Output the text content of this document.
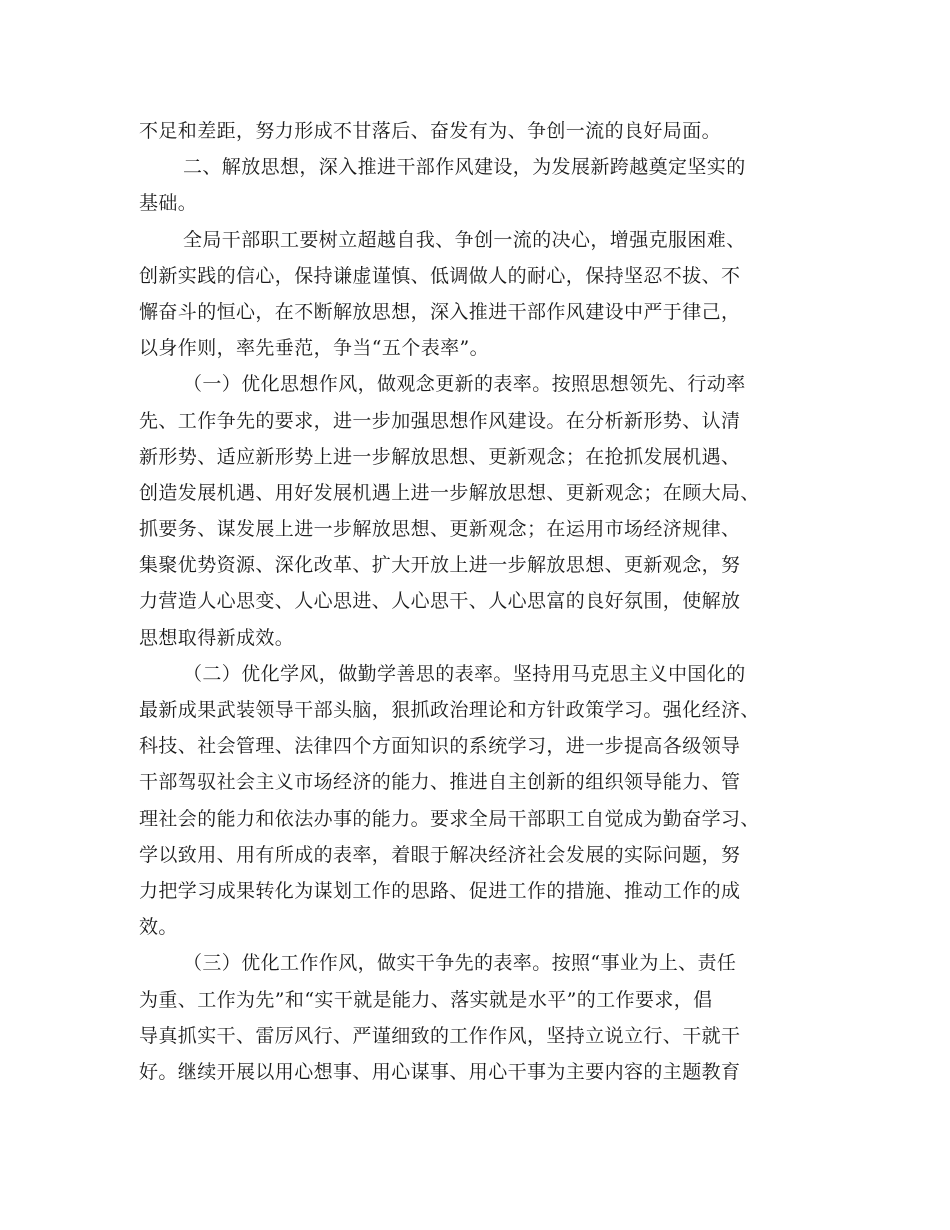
不足和差距，努力形成不甘落后、奋发有为、争创一流的良好局面。
二、解放思想，深入推进干部作风建设，为发展新跨越奠定坚实的
基础。
全局干部职工要树立超越自我、争创一流的决心，增强克服困难、
创新实践的信心，保持谦虚谨慎、低调做人的耐心，保持坚忍不拔、不
懈奋斗的恒心，在不断解放思想，深入推进干部作风建设中严于律己，
以身作则，率先垂范，争当“五个表率”。
（一）优化思想作风，做观念更新的表率。按照思想领先、行动率
先、工作争先的要求，进一步加强思想作风建设。在分析新形势、认清
新形势、适应新形势上进一步解放思想、更新观念；在抢抓发展机遇、
创造发展机遇、用好发展机遇上进一步解放思想、更新观念；在顾大局、
抓要务、谋发展上进一步解放思想、更新观念；在运用市场经济规律、
集聚优势资源、深化改革、扩大开放上进一步解放思想、更新观念，努
力营造人心思变、人心思进、人心思干、人心思富的良好氛围，使解放
思想取得新成效。
（二）优化学风，做勤学善思的表率。坚持用马克思主义中国化的
最新成果武装领导干部头脑，狠抓政治理论和方针政策学习。强化经济、
科技、社会管理、法律四个方面知识的系统学习，进一步提高各级领导
干部驾驭社会主义市场经济的能力、推进自主创新的组织领导能力、管
理社会的能力和依法办事的能力。要求全局干部职工自觉成为勤奋学习、
学以致用、用有所成的表率，着眼于解决经济社会发展的实际问题，努
力把学习成果转化为谋划工作的思路、促进工作的措施、推动工作的成
效。
（三）优化工作作风，做实干争先的表率。按照“事业为上、责任
为重、工作为先”和“实干就是能力、落实就是水平”的工作要求，倡
导真抓实干、雷厉风行、严谨细致的工作作风，坚持立说立行、干就干
好。继续开展以用心想事、用心谋事、用心干事为主要内容的主题教育
